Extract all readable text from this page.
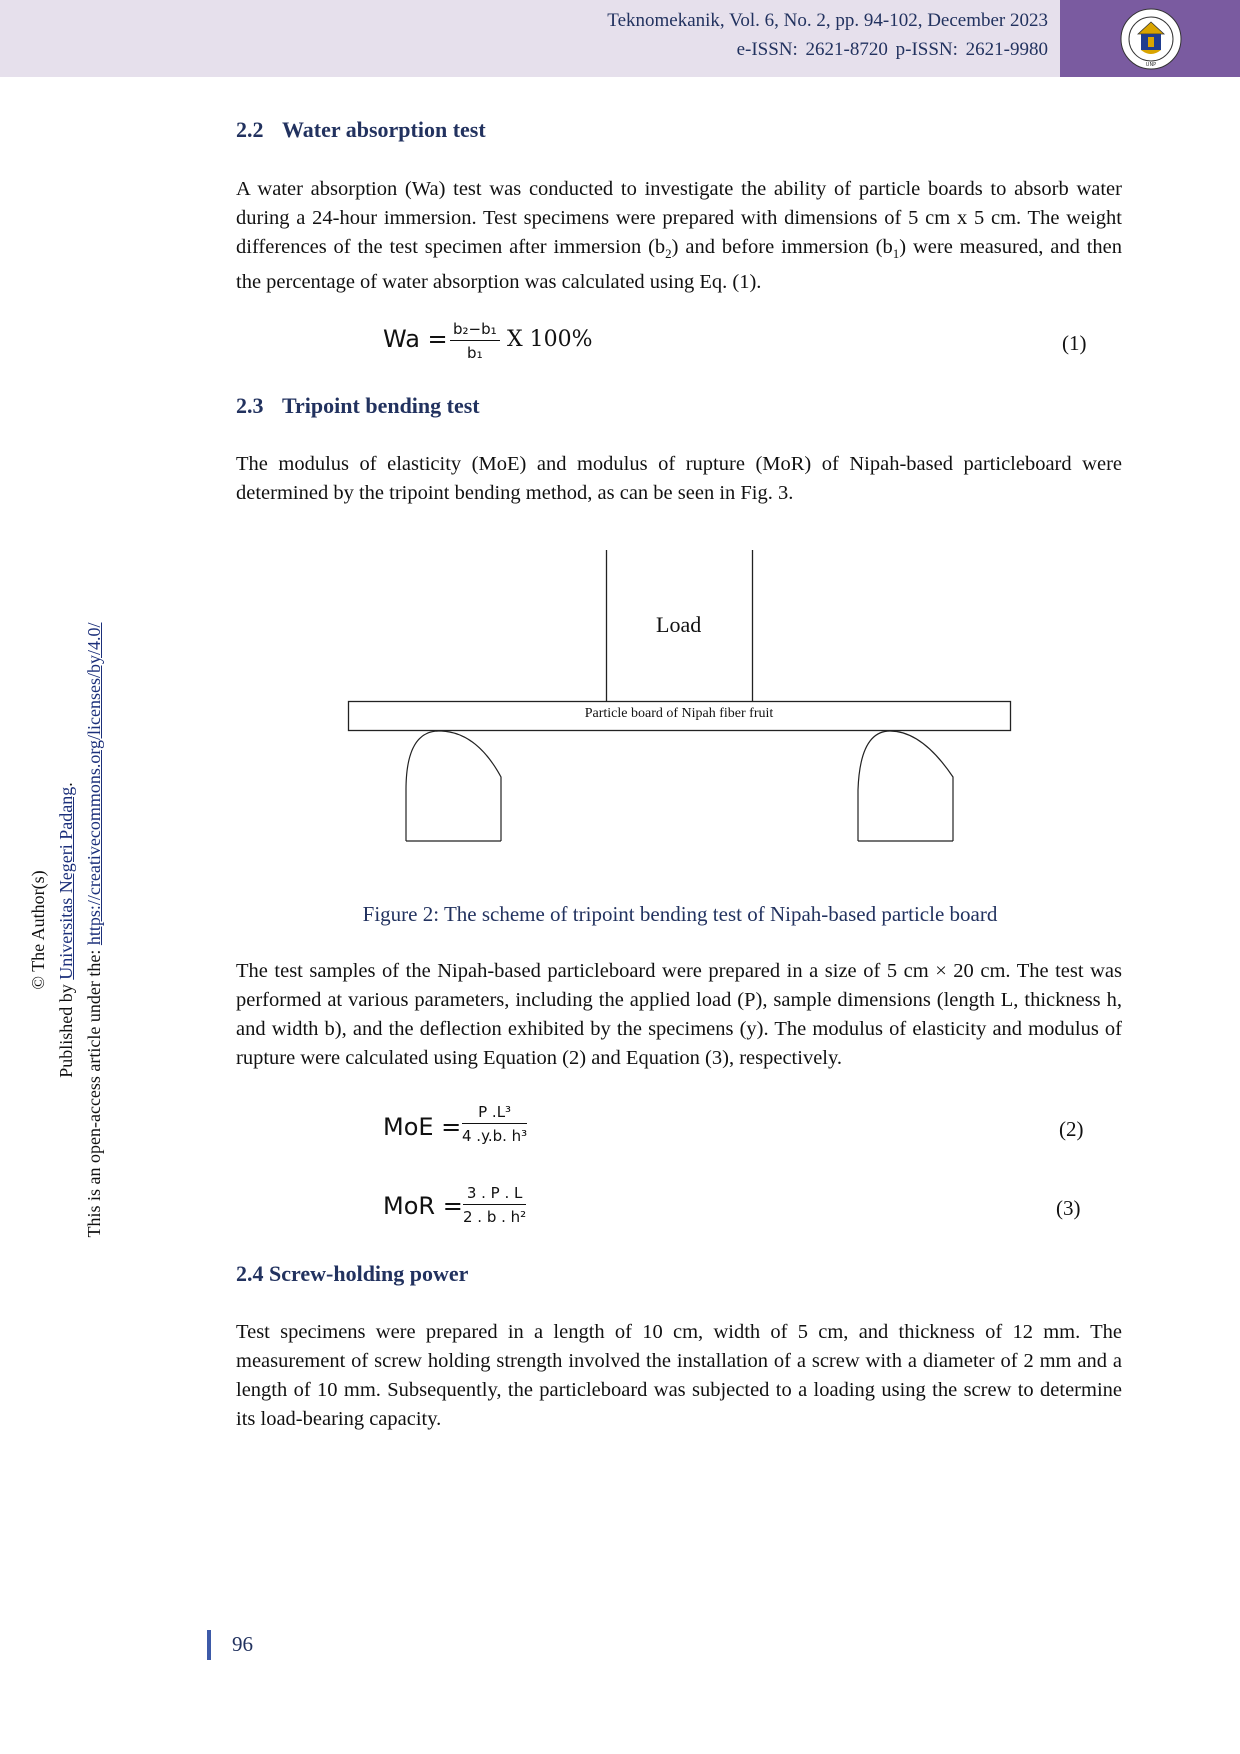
Teknomekanik, Vol. 6, No. 2, pp. 94-102, December 2023
e-ISSN: 2621-8720 p-ISSN: 2621-9980
UNP
© The Author(s)
Published by Universitas Negeri Padang.
This is an open-access article under the: https://creativecommons.org/licenses/by/4.0/
2.2 Water absorption test
A water absorption (Wa) test was conducted to investigate the ability of particle boards to absorb water during a 24-hour immersion. Test specimens were prepared with dimensions of 5 cm x 5 cm. The weight differences of the test specimen after immersion $(b_2)$ and before immersion $(b_1)$ were measured, and then the percentage of water absorption was calculated using Eq. (1).
$Wa = \frac{\text{b₂−b₁}}{\text{b₁}}$ X 100%	(1)
2.3 Tripoint bending test
The modulus of elasticity (MoE) and modulus of rupture (MoR) of Nipah-based particleboard were determined by the tripoint bending method, as can be seen in Fig. 3.
Load
Particle board of Nipah fiber fruit
Figure 2: The scheme of tripoint bending test of Nipah-based particle board
The test samples of the Nipah-based particleboard were prepared in a size of 5 cm × 20 cm. The test was performed at various parameters, including the applied load (P), sample dimensions (length L, thickness h, and width b), and the deflection exhibited by the specimens (y). The modulus of elasticity and modulus of rupture were calculated using Equation (2) and Equation (3), respectively.
MoE = $\frac{\text{P .L³}}{\text{4 .y.b. h³}}$	(2)
MoR = $\frac{3 . P . L}{\text{2 . b . h²}}$	(3)
2.4 Screw-holding power
Test specimens were prepared in a length of 10 cm, width of 5 cm, and thickness of 12 mm. The measurement of screw holding strength involved the installation of a screw with a diameter of 2 mm and a length of 10 mm. Subsequently, the particleboard was subjected to a loading using the screw to determine its load-bearing capacity.
96
